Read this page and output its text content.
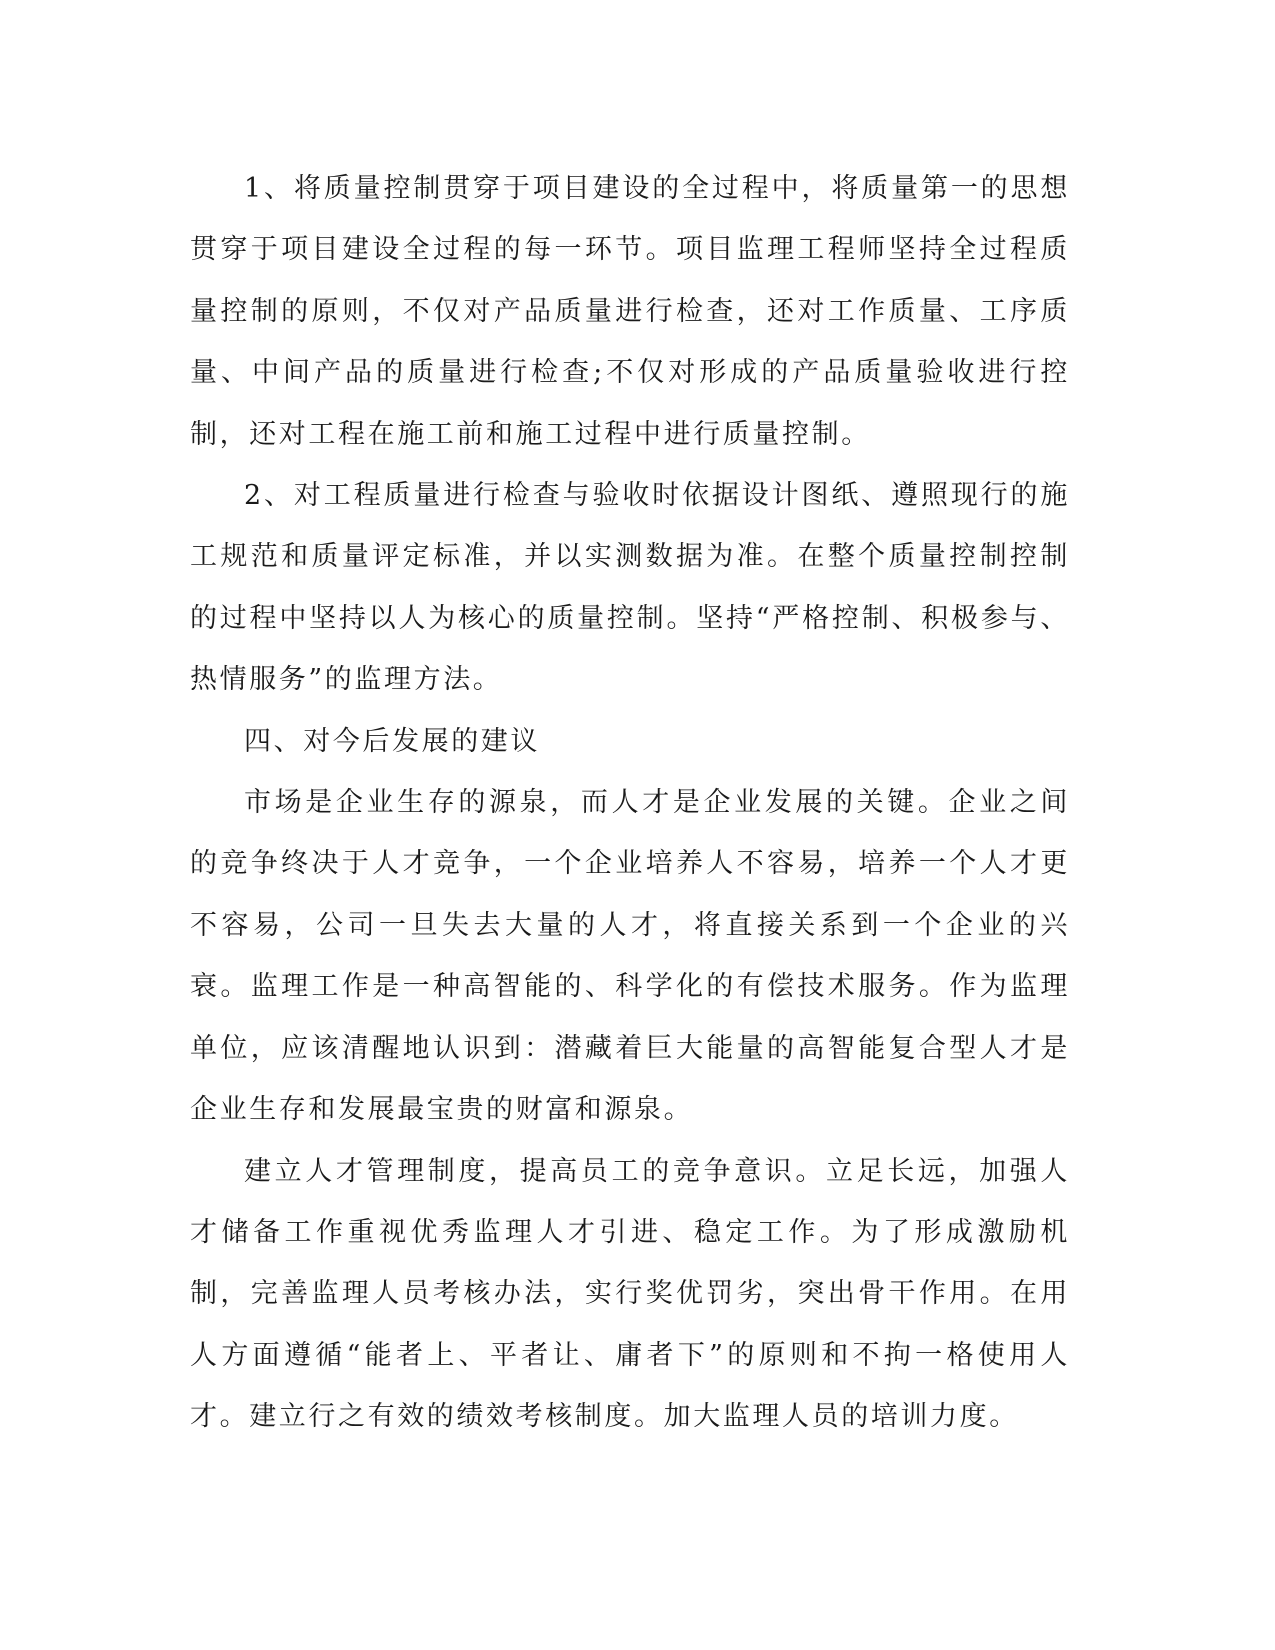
1、将质量控制贯穿于项目建设的全过程中，将质量第一的思想贯穿于项目建设全过程的每一环节。项目监理工程师坚持全过程质量控制的原则，不仅对产品质量进行检查，还对工作质量、工序质量、中间产品的质量进行检查;不仅对形成的产品质量验收进行控制，还对工程在施工前和施工过程中进行质量控制。

2、对工程质量进行检查与验收时依据设计图纸、遵照现行的施工规范和质量评定标准，并以实测数据为准。在整个质量控制控制的过程中坚持以人为核心的质量控制。坚持“严格控制、积极参与、热情服务”的监理方法。

四、对今后发展的建议

市场是企业生存的源泉，而人才是企业发展的关键。企业之间的竞争终决于人才竞争，一个企业培养人不容易，培养一个人才更不容易，公司一旦失去大量的人才，将直接关系到一个企业的兴衰。监理工作是一种高智能的、科学化的有偿技术服务。作为监理单位，应该清醒地认识到：潜藏着巨大能量的高智能复合型人才是企业生存和发展最宝贵的财富和源泉。

建立人才管理制度，提高员工的竞争意识。立足长远，加强人才储备工作重视优秀监理人才引进、稳定工作。为了形成激励机制，完善监理人员考核办法，实行奖优罚劣，突出骨干作用。在用人方面遵循“能者上、平者让、庸者下”的原则和不拘一格使用人才。建立行之有效的绩效考核制度。加大监理人员的培训力度。
